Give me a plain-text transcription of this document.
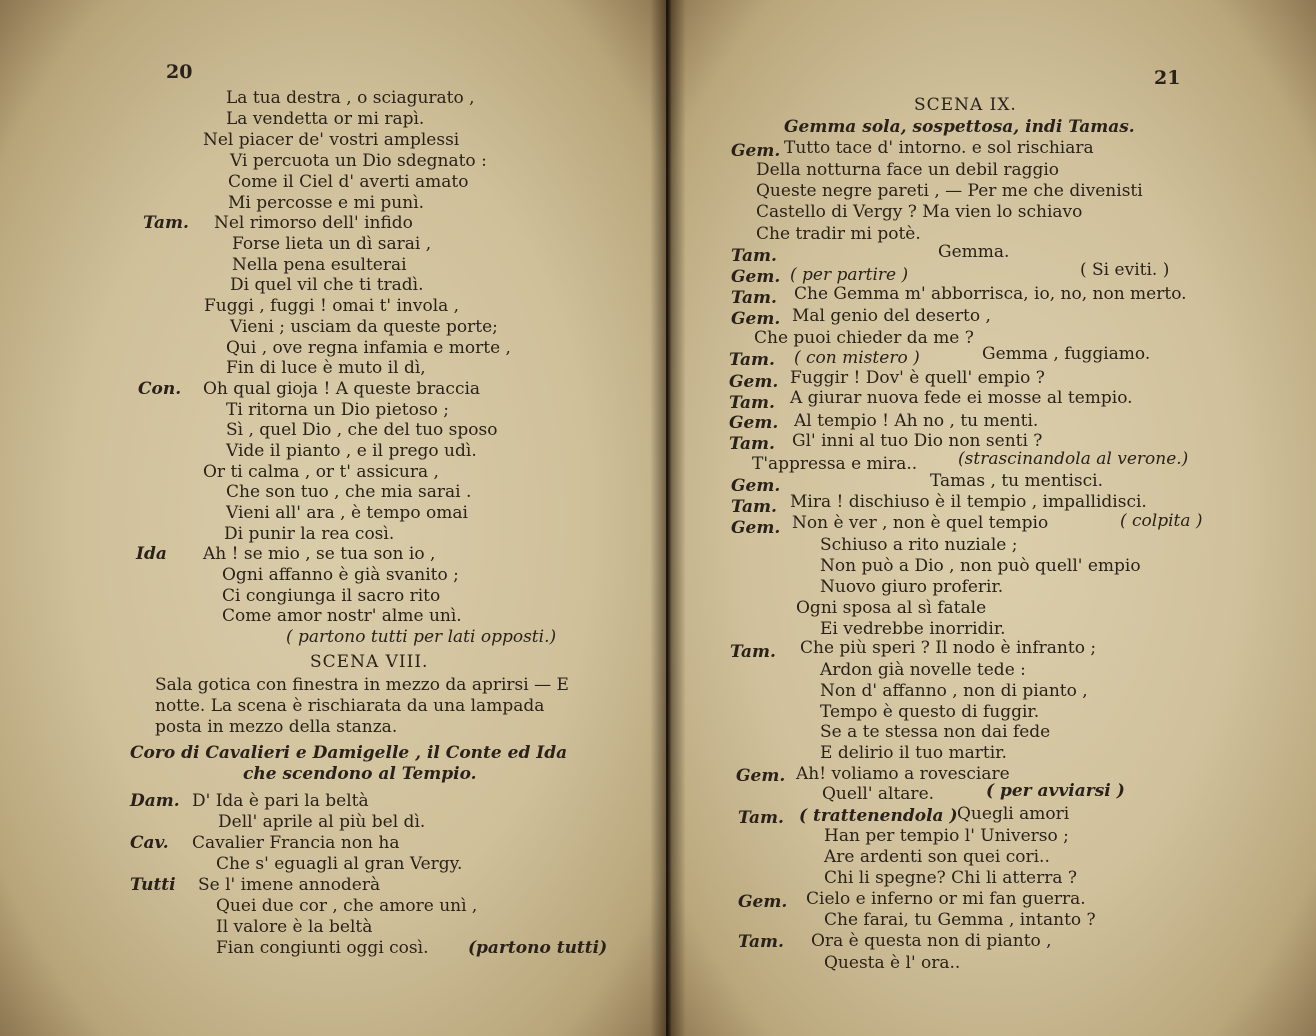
20
La tua destra , o sciagurato ,
La vendetta or mi rapì.
Nel piacer de' vostri amplessi
Vi percuota un Dio sdegnato :
Come il Ciel d' averti amato
Mi percosse e mi punì.
Tam. Nel rimorso dell' infido
Forse lieta un dì sarai ,
Nella pena esulterai
Di quel vil che ti tradì.
Fuggi , fuggi ! omai t' invola ,
Vieni ; usciam da queste porte;
Qui , ove regna infamia e morte ,
Fin di luce è muto il dì,
Con. Oh qual gioja ! A queste braccia
Ti ritorna un Dio pietoso ;
Sì , quel Dio , che del tuo sposo
Vide il pianto , e il prego udì.
Or ti calma , or t' assicura ,
Che son tuo , che mia sarai .
Vieni all' ara , è tempo omai
Di punir la rea così.
Ida Ah ! se mio , se tua son io ,
Ogni affanno è già svanito ;
Ci congiunga il sacro rito
Come amor nostr' alme unì.
( partono tutti per lati opposti.)
SCENA VIII.
Sala gotica con finestra in mezzo da aprirsi — E
notte. La scena è rischiarata da una lampada
posta in mezzo della stanza.
Coro di Cavalieri e Damigelle , il Conte ed Ida
che scendono al Tempio.
Dam. D' Ida è pari la beltà
Dell' aprile al più bel dì.
Cav. Cavalier Francia non ha
Che s' eguagli al gran Vergy.
Tutti Se l' imene annoderà
Quei due cor , che amore unì ,
Il valore è la beltà
Fian congiunti oggi così. (partono tutti)
21
SCENA IX.
Gemma sola, sospettosa, indi Tamas.
Gem. Tutto tace d' intorno. e sol rischiara
Della notturna face un debil raggio
Queste negre pareti , — Per me che divenisti
Castello di Vergy ? Ma vien lo schiavo
Che tradir mi potè.
Tam.	Gemma.
Gem. ( per partire )	( Si eviti. )
Tam. Che Gemma m' abborrisca, io, no, non merto.
Gem. Mal genio del deserto ,
Che puoi chieder da me ?
Tam. ( con mistero )	Gemma , fuggiamo.
Gem. Fuggir ! Dov' è quell' empio ?
Tam. A giurar nuova fede ei mosse al tempio.
Gem. Al tempio ! Ah no , tu menti.
Tam. Gl' inni al tuo Dio non senti ?
T'appressa e mira.. (strascinandola al verone.)
Gem.	Tamas , tu mentisci.
Tam. Mira ! dischiuso è il tempio , impallidisci.
Gem. Non è ver , non è quel tempio	( colpita )
Schiuso a rito nuziale ;
Non può a Dio , non può quell' empio
Nuovo giuro proferir.
Ogni sposa al sì fatale
Ei vedrebbe inorridir.
Tam. Che più speri ? Il nodo è infranto ;
Ardon già novelle tede :
Non d' affanno , non di pianto ,
Tempo è questo di fuggir.
Se a te stessa non dai fede
E delirio il tuo martir.
Gem. Ah! voliamo a rovesciare
Quell' altare.	( per avviarsi )
Tam. ( trattenendola ) Quegli amori
Han per tempio l' Universo ;
Are ardenti son quei cori..
Chi li spegne? Chi li atterra ?
Gem. Cielo e inferno or mi fan guerra.
Che farai, tu Gemma , intanto ?
Tam. Ora è questa non di pianto ,
Questa è l' ora..
